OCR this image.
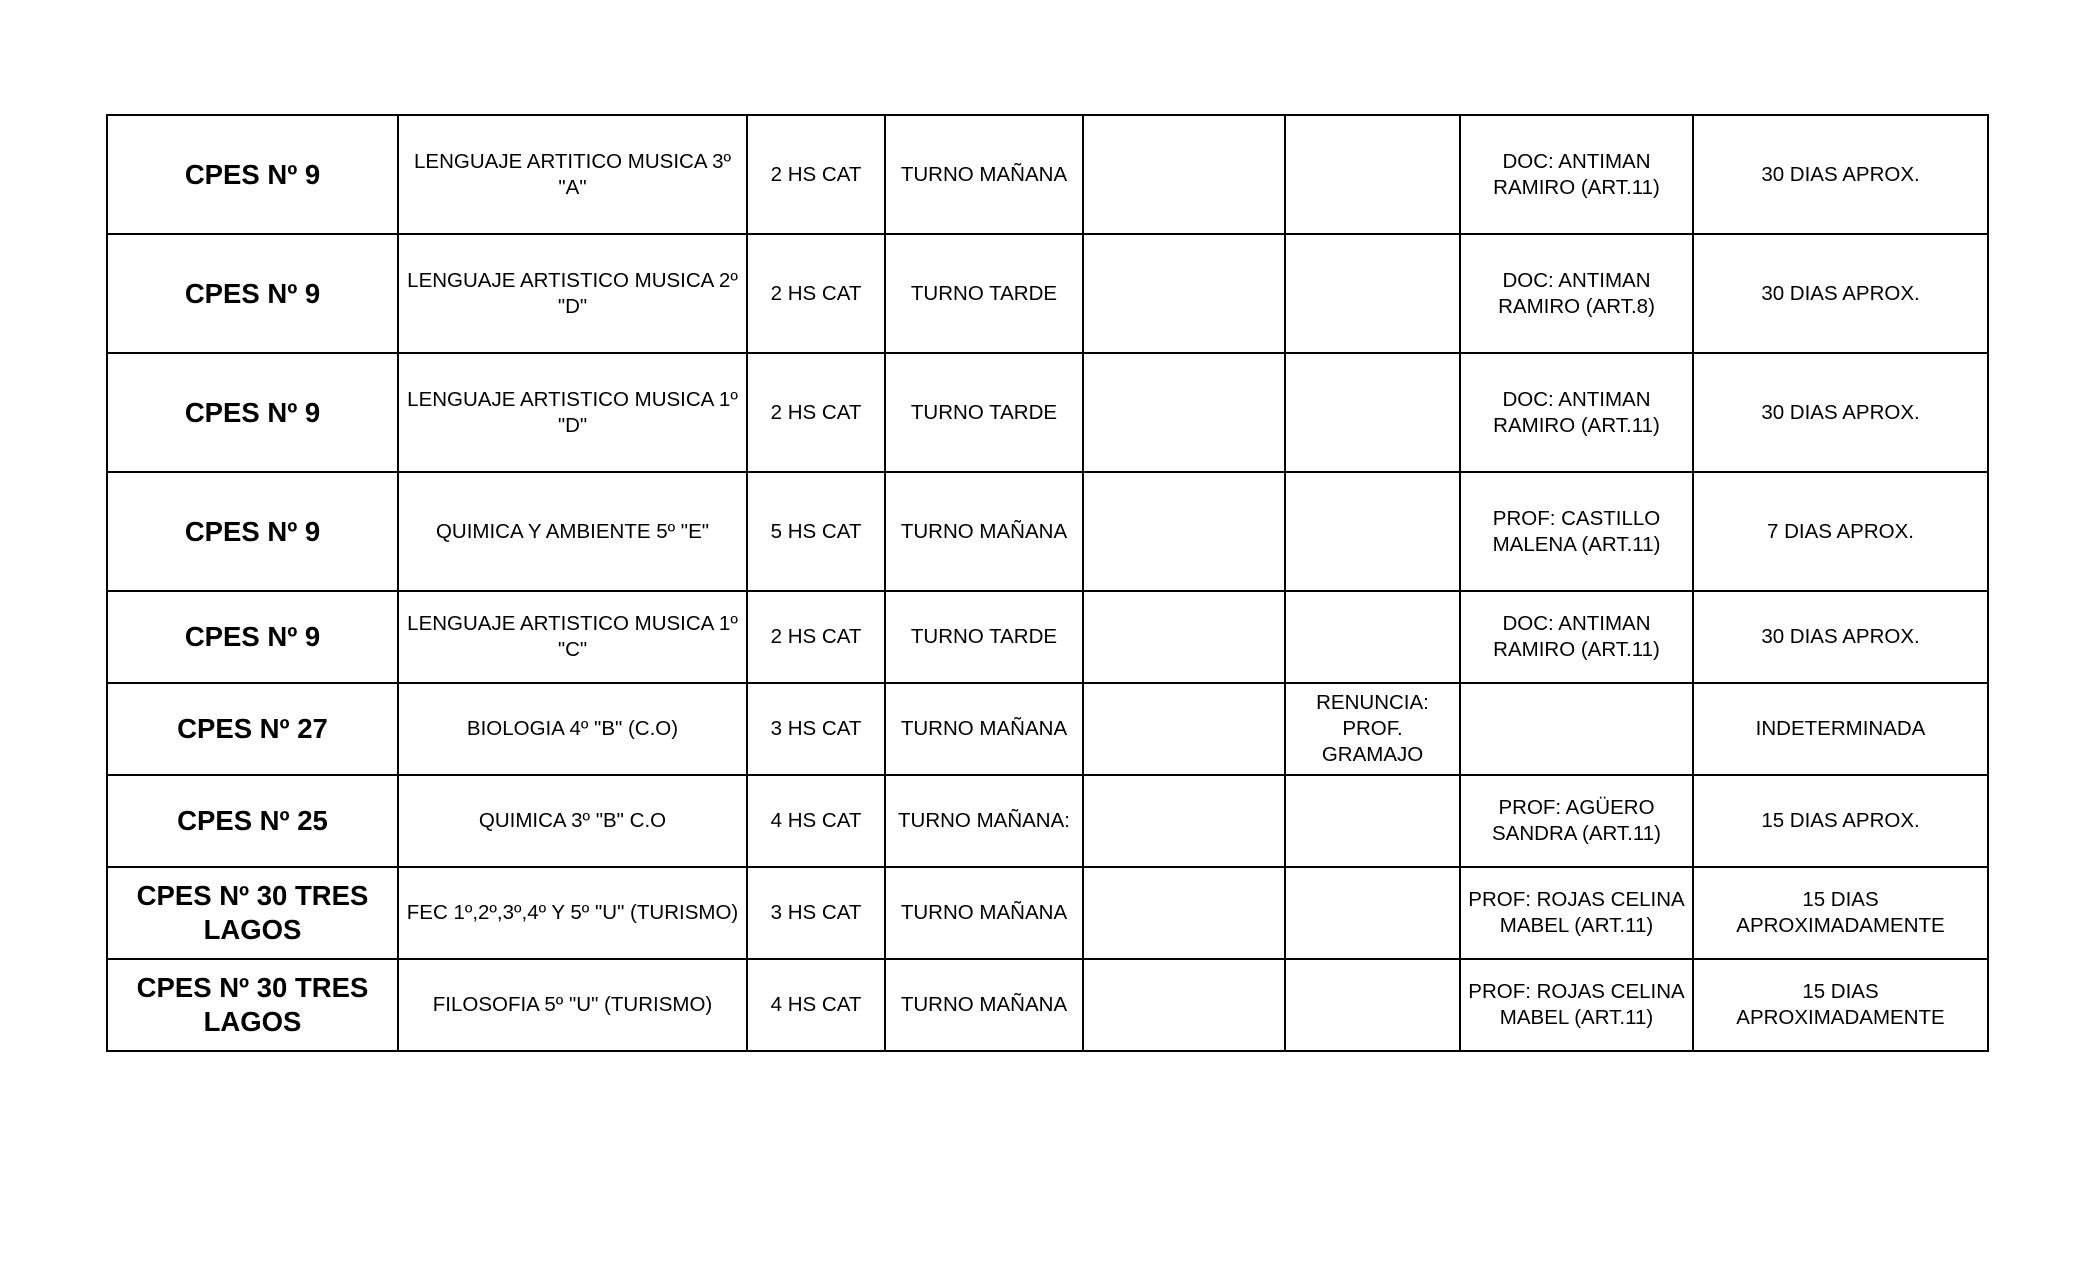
CPES Nº 9	LENGUAJE ARTITICO MUSICA 3º "A"	2 HS CAT	TURNO MAÑANA			DOC: ANTIMAN RAMIRO (ART.11)	30 DIAS APROX.
CPES Nº 9	LENGUAJE ARTISTICO MUSICA 2º "D"	2 HS CAT	TURNO TARDE			DOC: ANTIMAN RAMIRO (ART.8)	30 DIAS APROX.
CPES Nº 9	LENGUAJE ARTISTICO MUSICA 1º "D"	2 HS CAT	TURNO TARDE			DOC: ANTIMAN RAMIRO (ART.11)	30 DIAS APROX.
CPES Nº 9	QUIMICA Y AMBIENTE 5º "E"	5 HS CAT	TURNO MAÑANA			PROF: CASTILLO MALENA (ART.11)	7 DIAS APROX.
CPES Nº 9	LENGUAJE ARTISTICO MUSICA 1º "C"	2 HS CAT	TURNO TARDE			DOC: ANTIMAN RAMIRO (ART.11)	30 DIAS APROX.
CPES Nº 27	BIOLOGIA 4º "B" (C.O)	3 HS CAT	TURNO MAÑANA		RENUNCIA: PROF. GRAMAJO		INDETERMINADA
CPES Nº 25	QUIMICA 3º "B" C.O	4 HS CAT	TURNO MAÑANA:			PROF: AGÜERO SANDRA (ART.11)	15 DIAS APROX.
CPES Nº 30 TRES LAGOS	FEC 1º,2º,3º,4º Y 5º "U" (TURISMO)	3 HS CAT	TURNO MAÑANA			PROF: ROJAS CELINA MABEL (ART.11)	15 DIAS APROXIMADAMENTE
CPES Nº 30 TRES LAGOS	FILOSOFIA 5º "U" (TURISMO)	4 HS CAT	TURNO MAÑANA			PROF: ROJAS CELINA MABEL (ART.11)	15 DIAS APROXIMADAMENTE
